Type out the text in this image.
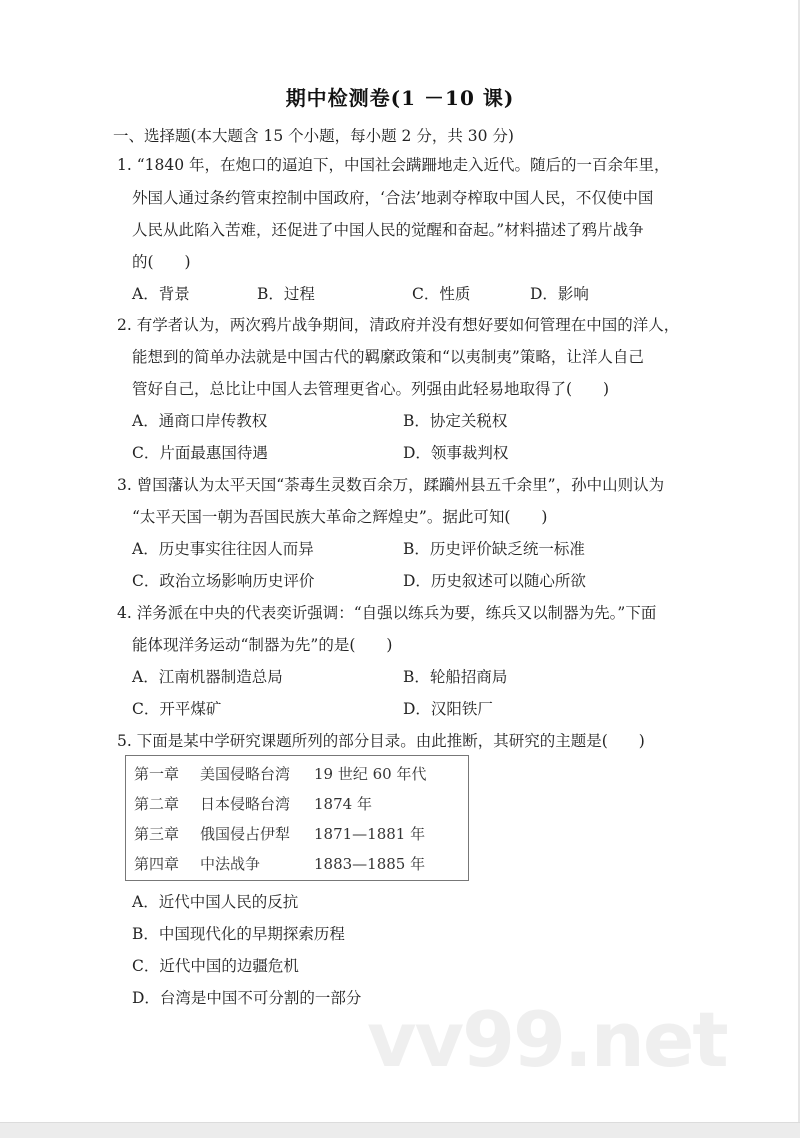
期中检测卷(1 －10 课)
一、选择题(本大题含 15 个小题，每小题 2 分，共 30 分)
1. “1840 年，在炮口的逼迫下，中国社会蹒跚地走入近代。随后的一百余年里，
外国人通过条约管束控制中国政府，‘合法’地剥夺榨取中国人民，不仅使中国
人民从此陷入苦难，还促进了中国人民的觉醒和奋起。”材料描述了鸦片战争
的(　　)
A．背景	B．过程	C．性质	D．影响
2. 有学者认为，两次鸦片战争期间，清政府并没有想好要如何管理在中国的洋人，
能想到的简单办法就是中国古代的羁縻政策和“以夷制夷”策略，让洋人自己
管好自己，总比让中国人去管理更省心。列强由此轻易地取得了(　　)
A．通商口岸传教权	B．协定关税权
C．片面最惠国待遇	D．领事裁判权
3. 曾国藩认为太平天国“荼毒生灵数百余万，蹂躏州县五千余里”，孙中山则认为
“太平天国一朝为吾国民族大革命之辉煌史”。据此可知(　　)
A．历史事实往往因人而异	B．历史评价缺乏统一标准
C．政治立场影响历史评价	D．历史叙述可以随心所欲
4. 洋务派在中央的代表奕䜣强调：“自强以练兵为要，练兵又以制器为先。”下面
能体现洋务运动“制器为先”的是(　　)
A．江南机器制造总局	B．轮船招商局
C．开平煤矿	D．汉阳铁厂
5. 下面是某中学研究课题所列的部分目录。由此推断，其研究的主题是(　　)
第一章 美国侵略台湾 19 世纪 60 年代
第二章 日本侵略台湾 1874 年
第三章 俄国侵占伊犁 1871—1881 年
第四章 中法战争	1883—1885 年
A．近代中国人民的反抗
B．中国现代化的早期探索历程
C．近代中国的边疆危机
D．台湾是中国不可分割的一部分 vv99.net
